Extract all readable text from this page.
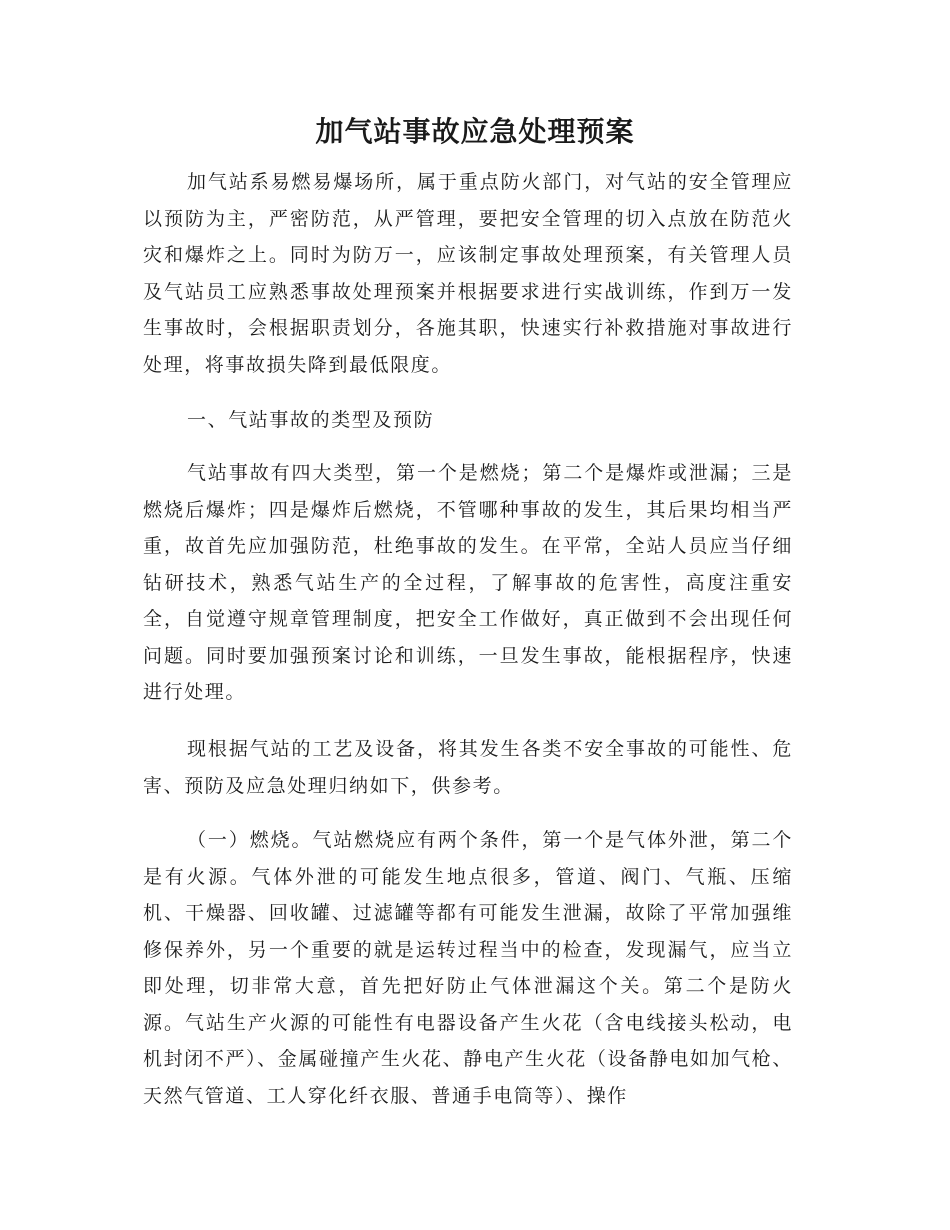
加气站事故应急处理预案

加气站系易燃易爆场所，属于重点防火部门，对气站的安全管理应以预防为主，严密防范，从严管理，要把安全管理的切入点放在防范火灾和爆炸之上。同时为防万一，应该制定事故处理预案，有关管理人员及气站员工应熟悉事故处理预案并根据要求进行实战训练，作到万一发生事故时，会根据职责划分，各施其职，快速实行补救措施对事故进行处理，将事故损失降到最低限度。

一、气站事故的类型及预防

气站事故有四大类型，第一个是燃烧；第二个是爆炸或泄漏；三是燃烧后爆炸；四是爆炸后燃烧，不管哪种事故的发生，其后果均相当严重，故首先应加强防范，杜绝事故的发生。在平常，全站人员应当仔细钻研技术，熟悉气站生产的全过程，了解事故的危害性，高度注重安全，自觉遵守规章管理制度，把安全工作做好，真正做到不会出现任何问题。同时要加强预案讨论和训练，一旦发生事故，能根据程序，快速进行处理。

现根据气站的工艺及设备，将其发生各类不安全事故的可能性、危害、预防及应急处理归纳如下，供参考。

（一）燃烧。气站燃烧应有两个条件，第一个是气体外泄，第二个是有火源。气体外泄的可能发生地点很多，管道、阀门、气瓶、压缩机、干燥器、回收罐、过滤罐等都有可能发生泄漏，故除了平常加强维修保养外，另一个重要的就是运转过程当中的检查，发现漏气，应当立即处理，切非常大意，首先把好防止气体泄漏这个关。第二个是防火源。气站生产火源的可能性有电器设备产生火花（含电线接头松动，电机封闭不严）、金属碰撞产生火花、静电产生火花（设备静电如加气枪、天然气管道、工人穿化纤衣服、普通手电筒等）、操作
